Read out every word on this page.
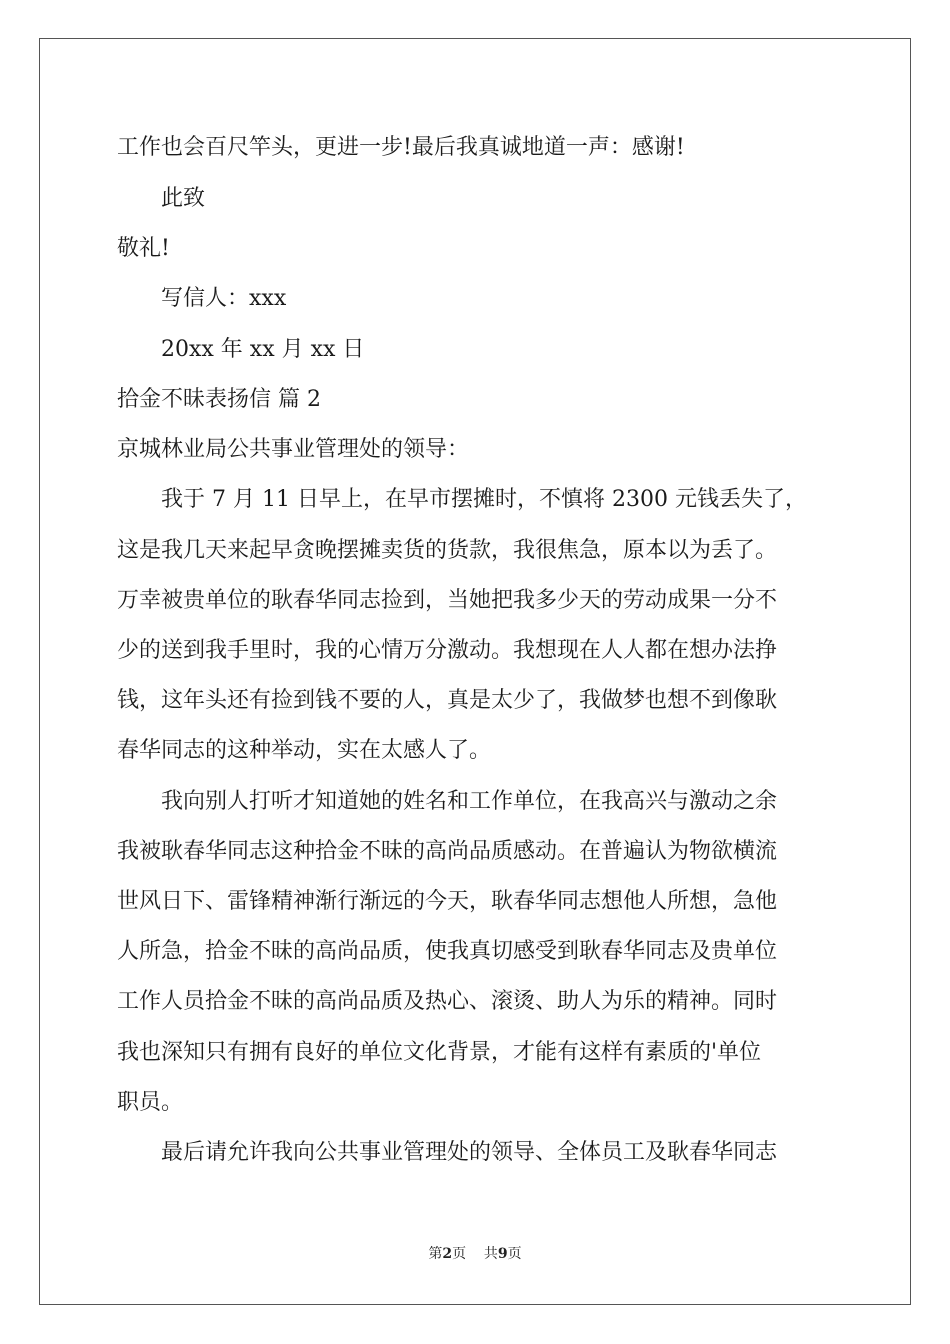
工作也会百尺竿头，更进一步!最后我真诚地道一声：感谢!
此致
敬礼!
写信人：xxx
20xx 年 xx 月 xx 日
拾金不昧表扬信 篇 2
京城林业局公共事业管理处的领导：
我于 7 月 11 日早上，在早市摆摊时，不慎将 2300 元钱丢失了，
这是我几天来起早贪晚摆摊卖货的货款，我很焦急，原本以为丢了。
万幸被贵单位的耿春华同志捡到，当她把我多少天的劳动成果一分不
少的送到我手里时，我的心情万分激动。我想现在人人都在想办法挣
钱，这年头还有捡到钱不要的人，真是太少了，我做梦也想不到像耿
春华同志的这种举动，实在太感人了。
我向别人打听才知道她的姓名和工作单位，在我高兴与激动之余
我被耿春华同志这种拾金不昧的高尚品质感动。在普遍认为物欲横流
世风日下、雷锋精神渐行渐远的今天，耿春华同志想他人所想，急他
人所急，拾金不昧的高尚品质，使我真切感受到耿春华同志及贵单位
工作人员拾金不昧的高尚品质及热心、滚烫、助人为乐的精神。同时
我也深知只有拥有良好的单位文化背景，才能有这样有素质的'单位
职员。
最后请允许我向公共事业管理处的领导、全体员工及耿春华同志
第2页    共9页
